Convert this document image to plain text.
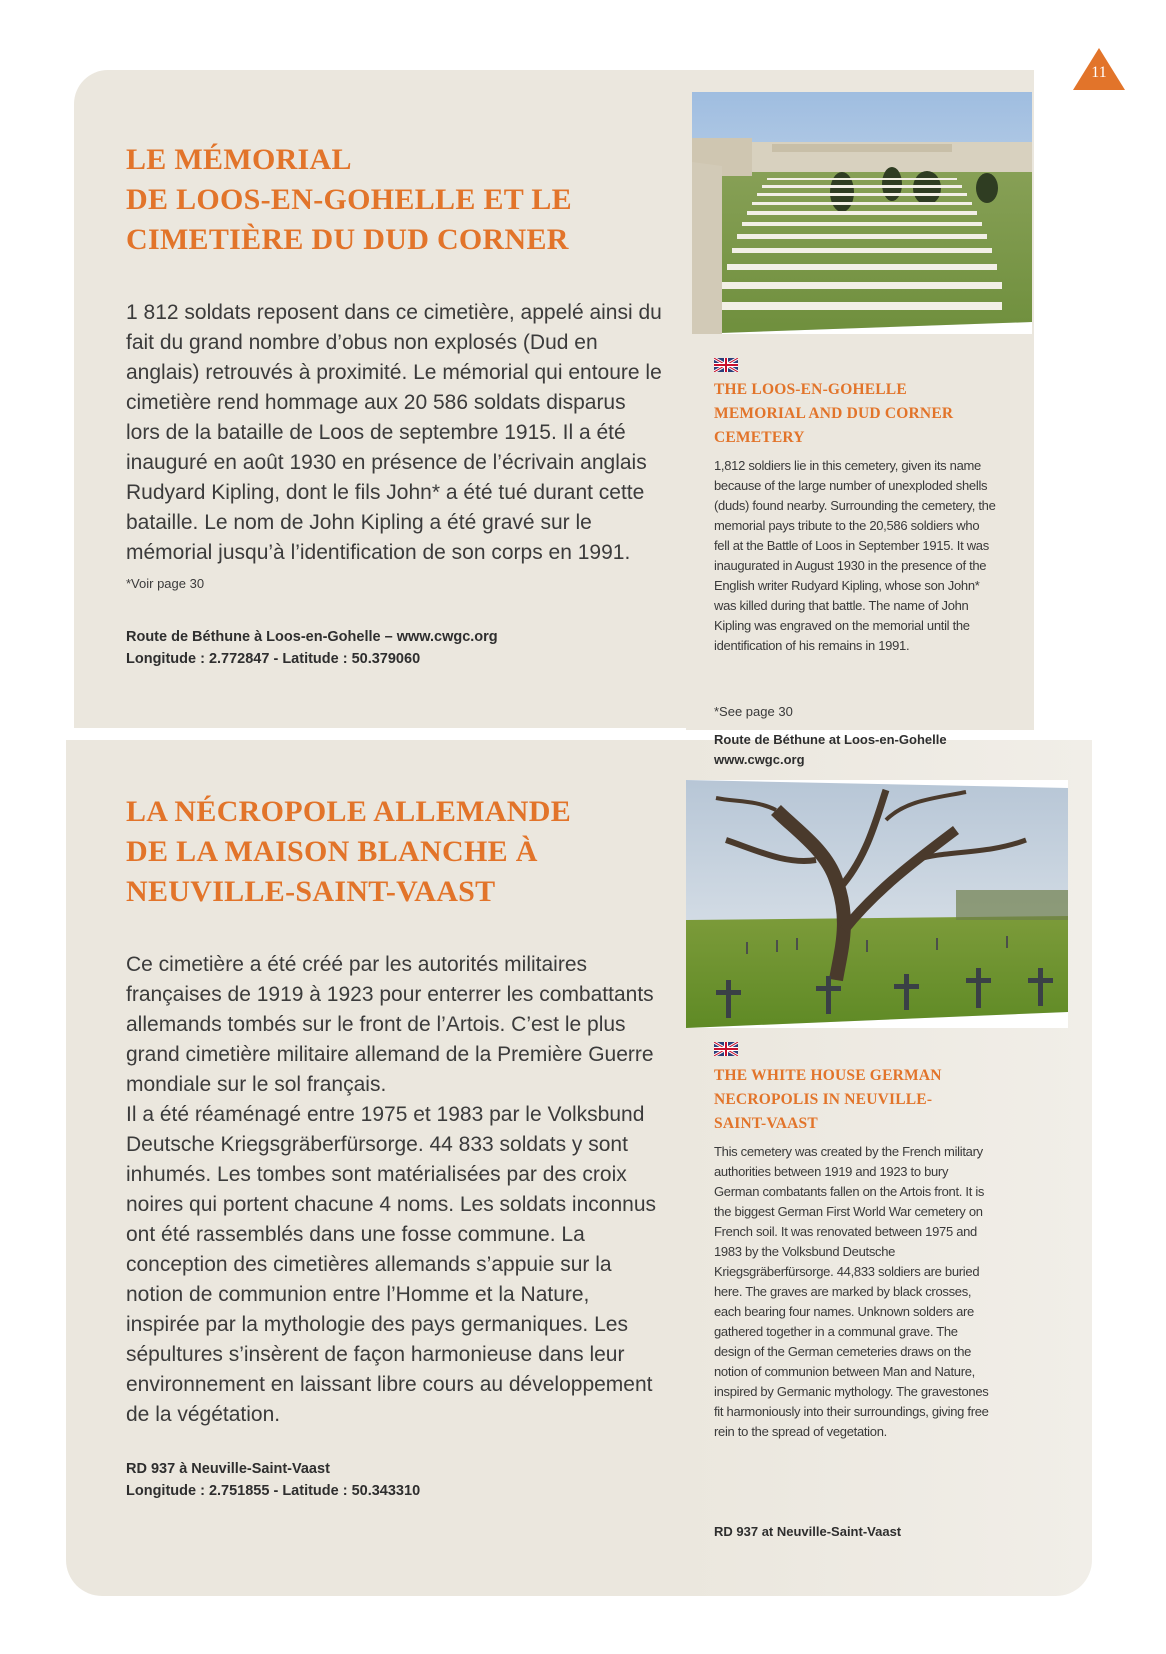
11
LE MÉMORIAL
DE LOOS-EN-GOHELLE ET LE
CIMETIÈRE DU DUD CORNER

1 812 soldats reposent dans ce cimetière, appelé ainsi du fait du grand nombre d’obus non explosés (Dud en anglais) retrouvés à proximité. Le mémorial qui entoure le cimetière rend hommage aux 20 586 soldats disparus lors de la bataille de Loos de septembre 1915. Il a été inauguré en août 1930 en présence de l’écrivain anglais Rudyard Kipling, dont le fils John* a été tué durant cette bataille. Le nom de John Kipling a été gravé sur le mémorial jusqu’à l’identification de son corps en 1991.

*Voir page 30
Route de Béthune à Loos-en-Gohelle – www.cwgc.org
Longitude : 2.772847 - Latitude : 50.379060
THE LOOS-EN-GOHELLE
MEMORIAL AND DUD CORNER
CEMETERY

1,812 soldiers lie in this cemetery, given its name because of the large number of unexploded shells (duds) found nearby. Surrounding the cemetery, the memorial pays tribute to the 20,586 soldiers who fell at the Battle of Loos in September 1915. It was inaugurated in August 1930 in the presence of the English writer Rudyard Kipling, whose son John* was killed during that battle. The name of John Kipling was engraved on the memorial until the identification of his remains in 1991.

*See page 30
Route de Béthune at Loos-en-Gohelle
www.cwgc.org
LA NÉCROPOLE ALLEMANDE
DE LA MAISON BLANCHE À
NEUVILLE-SAINT-VAAST

Ce cimetière a été créé par les autorités militaires françaises de 1919 à 1923 pour enterrer les combattants allemands tombés sur le front de l’Artois. C’est le plus grand cimetière militaire allemand de la Première Guerre mondiale sur le sol français.
Il a été réaménagé entre 1975 et 1983 par le Volksbund Deutsche Kriegsgräberfürsorge. 44 833 soldats y sont inhumés. Les tombes sont matérialisées par des croix noires qui portent chacune 4 noms. Les soldats inconnus ont été rassemblés dans une fosse commune. La conception des cimetières allemands s’appuie sur la notion de communion entre l’Homme et la Nature, inspirée par la mythologie des pays germaniques. Les sépultures s’insèrent de façon harmonieuse dans leur environnement en laissant libre cours au développement de la végétation.

RD 937 à Neuville-Saint-Vaast
Longitude : 2.751855 - Latitude : 50.343310
THE WHITE HOUSE GERMAN
NECROPOLIS IN NEUVILLE-
SAINT-VAAST

This cemetery was created by the French military authorities between 1919 and 1923 to bury German combatants fallen on the Artois front. It is the biggest German First World War cemetery on French soil. It was renovated between 1975 and 1983 by the Volksbund Deutsche Kriegsgräberfürsorge. 44,833 soldiers are buried here. The graves are marked by black crosses, each bearing four names. Unknown solders are gathered together in a communal grave. The design of the German cemeteries draws on the notion of communion between Man and Nature, inspired by Germanic mythology. The gravestones fit harmoniously into their surroundings, giving free rein to the spread of vegetation.

RD 937 at Neuville-Saint-Vaast
